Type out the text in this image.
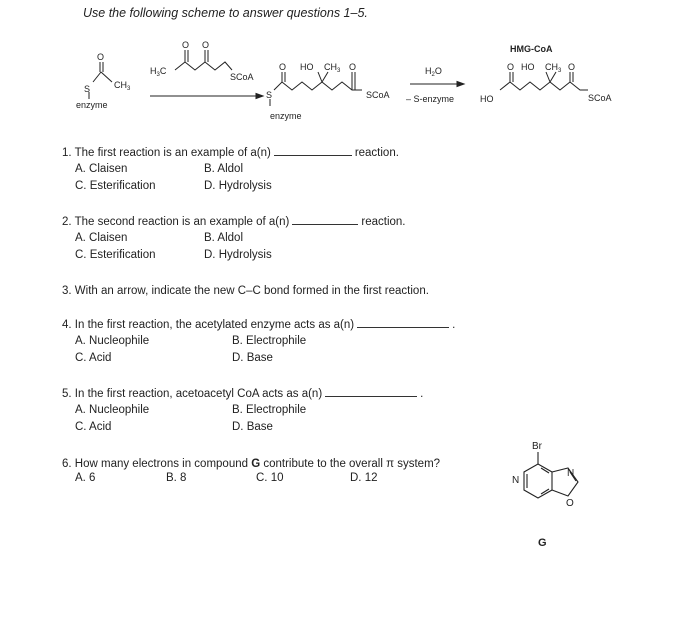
Use the following scheme to answer questions 1–5.
O
S	$CH_3$
enzyme
$H_3C$
O O
SCoA
O HO $CH_3$ O
SCoA
S
enzyme
$H_2O$
– S-enzyme
HMG-CoA
O HO $CH_3$ O
HO	SCoA
1. The first reaction is an example of a(n)	reaction.
A. Claisen	B. Aldol
C. Esterification	D. Hydrolysis
2. The second reaction is an example of a(n)	reaction.
A. Claisen	B. Aldol
C. Esterification	D. Hydrolysis
3. With an arrow, indicate the new C–C bond formed in the first reaction.
4. In the first reaction, the acetylated enzyme acts as a(n)	.
A. Nucleophile	B. Electrophile
C. Acid	D. Base
5. In the first reaction, acetoacetyl CoA acts as a(n)	.
A. Nucleophile	B. Electrophile
C. Acid	D. Base
6. How many electrons in compound G contribute to the overall π system?
A. 6	B. 8	C. 10	D. 12
Br
N
N
O
G
